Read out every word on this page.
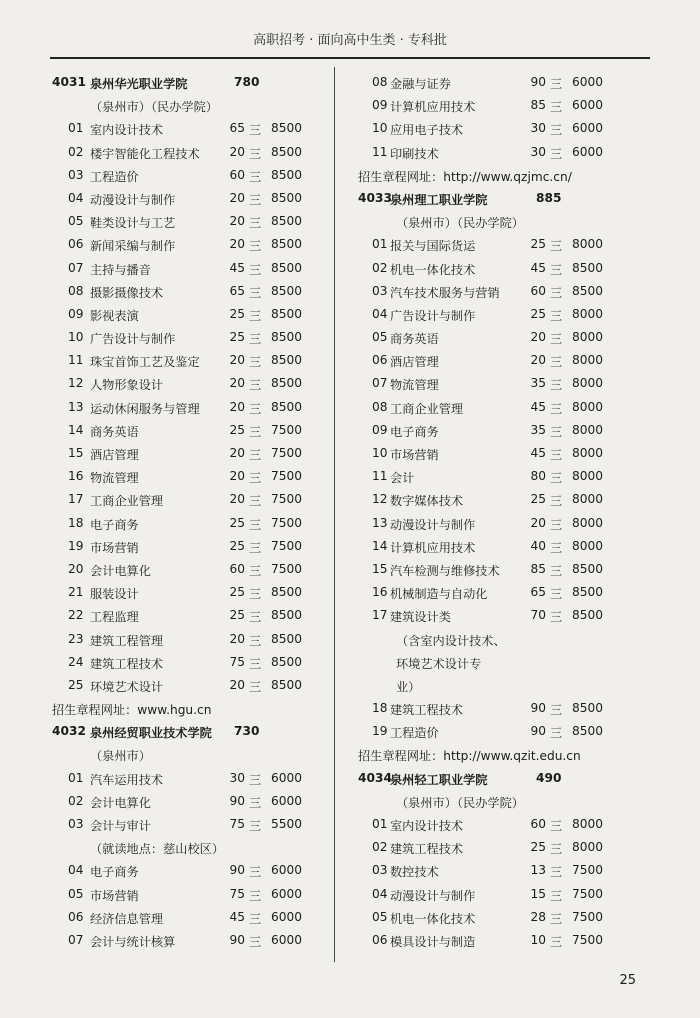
高职招考 · 面向高中生类 · 专科批
4031 泉州华光职业学院	780
（泉州市）（民办学院）
01 室内设计技术	65 三 8500
02 楼宇智能化工程技术	20 三 8500
03 工程造价	60 三 8500
04 动漫设计与制作	20 三 8500
05 鞋类设计与工艺	20 三 8500
06 新闻采编与制作	20 三 8500
07 主持与播音	45 三 8500
08 摄影摄像技术	65 三 8500
09 影视表演	25 三 8500
10 广告设计与制作	25 三 8500
11 珠宝首饰工艺及鉴定	20 三 8500
12 人物形象设计	20 三 8500
13 运动休闲服务与管理	20 三 8500
14 商务英语	25 三 7500
15 酒店管理	20 三 7500
16 物流管理	20 三 7500
17 工商企业管理	20 三 7500
18 电子商务	25 三 7500
19 市场营销	25 三 7500
20 会计电算化	60 三 7500
21 服装设计	25 三 8500
22 工程监理	25 三 8500
23 建筑工程管理	20 三 8500
24 建筑工程技术	75 三 8500
25 环境艺术设计	20 三 8500
招生章程网址：www.hgu.cn
4032 泉州经贸职业技术学院 730
（泉州市）
01 汽车运用技术	30 三 6000
02 会计电算化	90 三 6000
03 会计与审计	75 三 5500
（就读地点：慈山校区）
04 电子商务	90 三 6000
05 市场营销	75 三 6000
06 经济信息管理	45 三 6000
07 会计与统计核算	90 三 6000
08 金融与证券	90 三 6000
09 计算机应用技术	85 三 6000
10 应用电子技术	30 三 6000
11 印刷技术	30 三 6000
招生章程网址：http://www.qzjmc.cn/
4033
泉州理工职业学院	885
（泉州市）（民办学院）
01 报关与国际货运	25 三 8000
02 机电一体化技术	45 三 8500
03 汽车技术服务与营销	60 三 8500
04 广告设计与制作	25 三 8000
05 商务英语	20 三 8000
06 酒店管理	20 三 8000
07 物流管理	35 三 8000
08 工商企业管理	45 三 8000
09 电子商务	35 三 8000
10 市场营销	45 三 8000
11 会计	80 三 8000
12 数字媒体技术	25 三 8000
13 动漫设计与制作	20 三 8000
14 计算机应用技术	40 三 8000
15 汽车检测与维修技术	85 三 8500
16 机械制造与自动化	65 三 8500
17 建筑设计类	70 三 8500
（含室内设计技术、
环境艺术设计专
业）
18 建筑工程技术	90 三 8500
19 工程造价	90 三 8500
招生章程网址：http://www.qzit.edu.cn
4034
泉州轻工职业学院	490
（泉州市）（民办学院）
01 室内设计技术	60 三 8000
02 建筑工程技术	25 三 8000
03 数控技术	13 三 7500
04 动漫设计与制作	15 三 7500
05 机电一体化技术	28 三 7500
06 模具设计与制造	10 三 7500
25
